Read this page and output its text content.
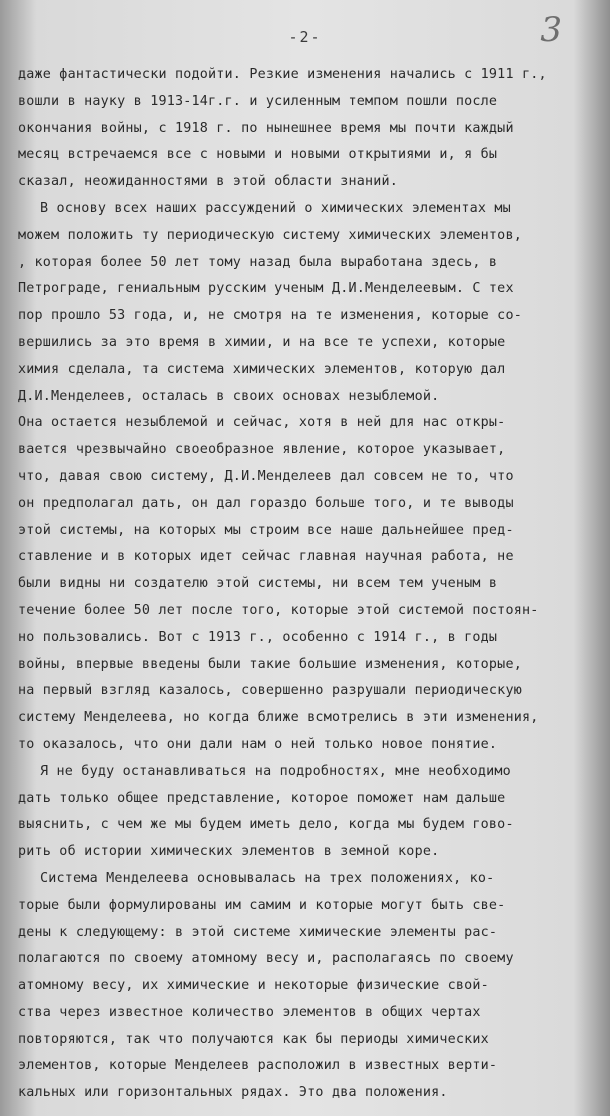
-2-	3
даже фантастически подойти. Резкие изменения начались с 1911 г.,
вошли в науку в 1913-14г.г. и усиленным темпом пошли после
окончания войны, с 1918 г. по нынешнее время мы почти каждый
месяц встречаемся все с новыми и новыми открытиями и, я бы
сказал, неожиданностями в этой области знаний.
В основу всех наших рассуждений о химических элементах мы
можем положить ту периодическую систему химических элементов,
, которая более 50 лет тому назад была выработана здесь, в
Петрограде, гениальным русским ученым Д.И.Менделеевым. С тех
пор прошло 53 года, и, не смотря на те изменения, которые со-
вершились за это время в химии, и на все те успехи, которые
химия сделала, та система химических элементов, которую дал
Д.И.Менделеев, осталась в своих основах незыблемой.
Она остается незыблемой и сейчас, хотя в ней для нас откры-
вается чрезвычайно своеобразное явление, которое указывает,
что, давая свою систему, Д.И.Менделеев дал совсем не то, что
он предполагал дать, он дал гораздо больше того, и те выводы
этой системы, на которых мы строим все наше дальнейшее пред-
ставление и в которых идет сейчас главная научная работа, не
были видны ни создателю этой системы, ни всем тем ученым в
течение более 50 лет после того, которые этой системой постоян-
но пользовались. Вот с 1913 г., особенно с 1914 г., в годы
войны, впервые введены были такие большие изменения, которые,
на первый взгляд казалось, совершенно разрушали периодическую
систему Менделеева, но когда ближе всмотрелись в эти изменения,
то оказалось, что они дали нам о ней только новое понятие.
Я не буду останавливаться на подробностях, мне необходимо
дать только общее представление, которое поможет нам дальше
выяснить, с чем же мы будем иметь дело, когда мы будем гово-
рить об истории химических элементов в земной коре.
Система Менделеева основывалась на трех положениях, ко-
торые были формулированы им самим и которые могут быть све-
дены к следующему: в этой системе химические элементы рас-
полагаются по своему атомному весу и, располагаясь по своему
атомному весу, их химические и некоторые физические свой-
ства через известное количество элементов в общих чертах
повторяются, так что получаются как бы периоды химических
элементов, которые Менделеев расположил в известных верти-
кальных или горизонтальных рядах. Это два положения.
